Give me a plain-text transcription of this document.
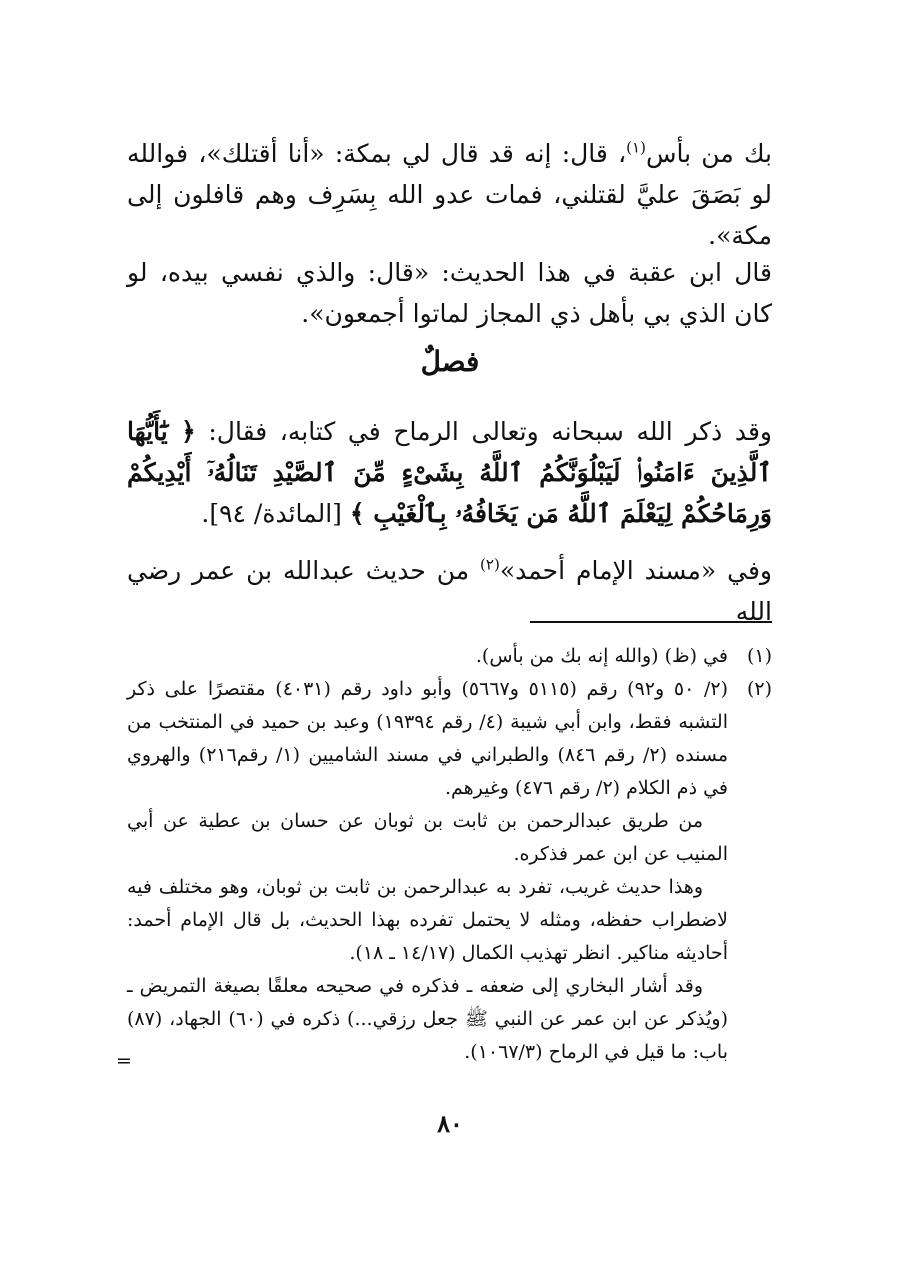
بك من بأس$^{(١)}$، قال: إنه قد قال لي بمكة: «أنا أقتلك»، فوالله لو بَصَقَ عليَّ لقتلني، فمات عدو الله بِسَرِف وهم قافلون إلى مكة».

قال ابن عقبة في هذا الحديث: «قال: والذي نفسي بيده، لو كان الذي بي بأهل ذي المجاز لماتوا أجمعون».

فصلٌ

وقد ذكر الله سبحانه وتعالى الرماح في كتابه، فقال: ﴿ يَٰٓأَيُّهَا ٱلَّذِينَ ءَامَنُوا۟ لَيَبْلُوَنَّكُمُ ٱللَّهُ بِشَىْءٍ مِّنَ ٱلصَّيْدِ تَنَالُهُۥٓ أَيْدِيكُمْ وَرِمَاحُكُمْ لِيَعْلَمَ ٱللَّهُ مَن يَخَافُهُۥ بِٱلْغَيْبِ ﴾ [المائدة/ ٩٤].

وفي «مسند الإمام أحمد»$^{(٢)}$ من حديث عبدالله بن عمر رضي الله

(١)
في (ظ) (والله إنه بك من بأس).
(٢)
(٢/ ٥٠ و٩٢) رقم (٥١١٥ و٥٦٦٧) وأبو داود رقم (٤٠٣١) مقتصرًا على ذكر التشبه فقط، وابن أبي شيبة (٤/ رقم ١٩٣٩٤) وعبد بن حميد في المنتخب من مسنده (٢/ رقم ٨٤٦) والطبراني في مسند الشاميين (١/ رقم٢١٦) والهروي في ذم الكلام (٢/ رقم ٤٧٦) وغيرهم.
من طريق عبدالرحمن بن ثابت بن ثوبان عن حسان بن عطية عن أبي المنيب عن ابن عمر فذكره.
وهذا حديث غريب، تفرد به عبدالرحمن بن ثابت بن ثوبان، وهو مختلف فيه لاضطراب حفظه، ومثله لا يحتمل تفرده بهذا الحديث، بل قال الإمام أحمد: أحاديثه مناكير. انظر تهذيب الكمال (١٤/١٧ ـ ١٨).
وقد أشار البخاري إلى ضعفه ـ فذكره في صحيحه معلقًا بصيغة التمريض ـ (ويُذكر عن ابن عمر عن النبي ﷺ جعل رزقي...) ذكره في (٦٠) الجهاد، (٨٧) باب: ما قيل في الرماح (١٠٦٧/٣).
=
٨٠
